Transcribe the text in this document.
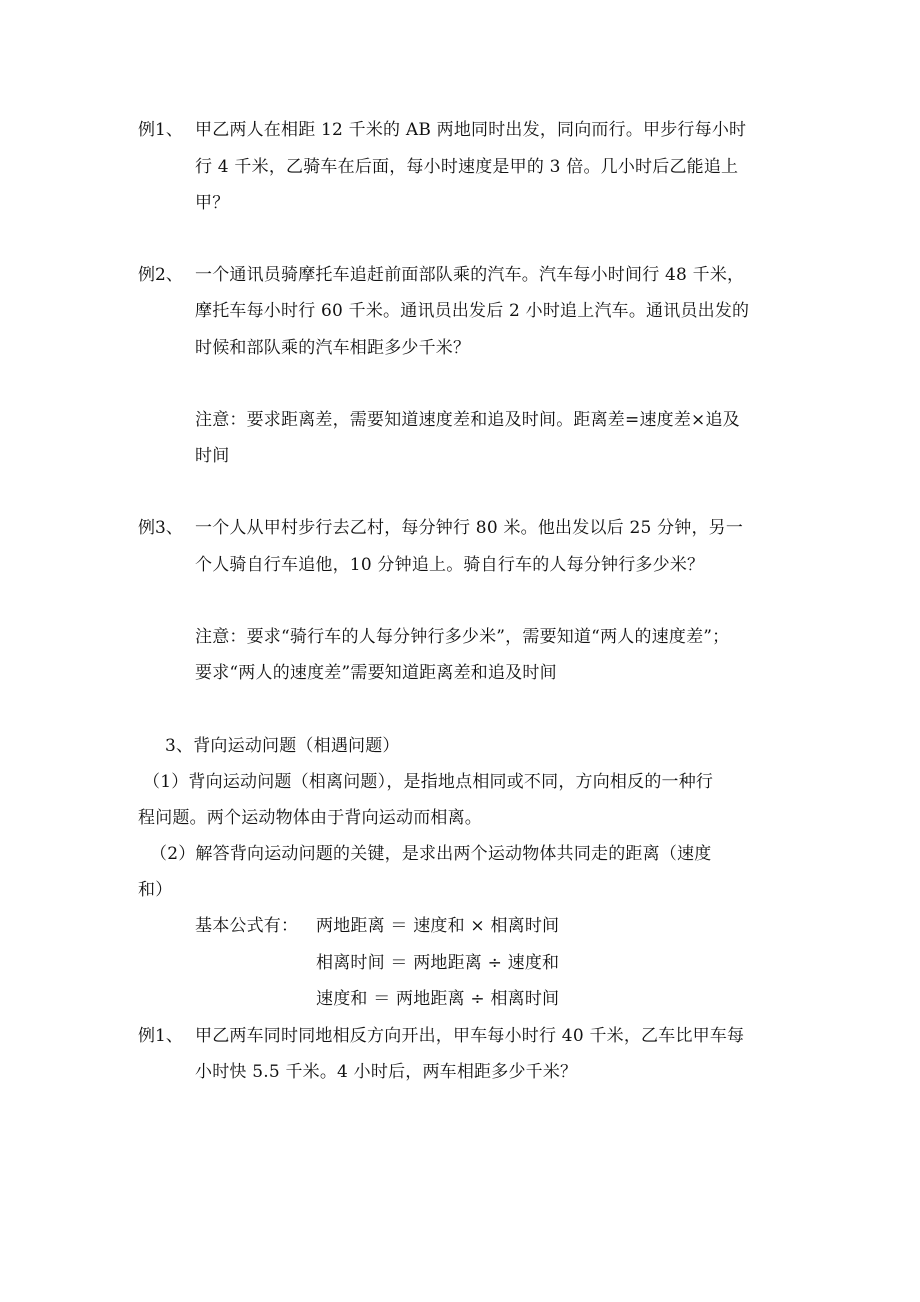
例1、 甲乙两人在相距 12 千米的 AB 两地同时出发，同向而行。甲步行每小时
行 4 千米，乙骑车在后面，每小时速度是甲的 3 倍。几小时后乙能追上
甲？
例2、 一个通讯员骑摩托车追赶前面部队乘的汽车。汽车每小时间行 48 千米，
摩托车每小时行 60 千米。通讯员出发后 2 小时追上汽车。通讯员出发的
时候和部队乘的汽车相距多少千米？
注意：要求距离差，需要知道速度差和追及时间。距离差=速度差×追及
时间
例3、 一个人从甲村步行去乙村，每分钟行 80 米。他出发以后 25 分钟，另一
个人骑自行车追他，10 分钟追上。骑自行车的人每分钟行多少米？
注意：要求“骑行车的人每分钟行多少米”，需要知道“两人的速度差”；
要求“两人的速度差”需要知道距离差和追及时间
3、背向运动问题（相遇问题）
（1）背向运动问题（相离问题），是指地点相同或不同，方向相反的一种行
程问题。两个运动物体由于背向运动而相离。
（2）解答背向运动问题的关键，是求出两个运动物体共同走的距离（速度
和）
基本公式有： 两地距离 ＝ 速度和 × 相离时间
相离时间 ＝ 两地距离 ÷ 速度和
速度和 ＝ 两地距离 ÷ 相离时间
例1、 甲乙两车同时同地相反方向开出，甲车每小时行 40 千米，乙车比甲车每
小时快 5.5 千米。4 小时后，两车相距多少千米？
